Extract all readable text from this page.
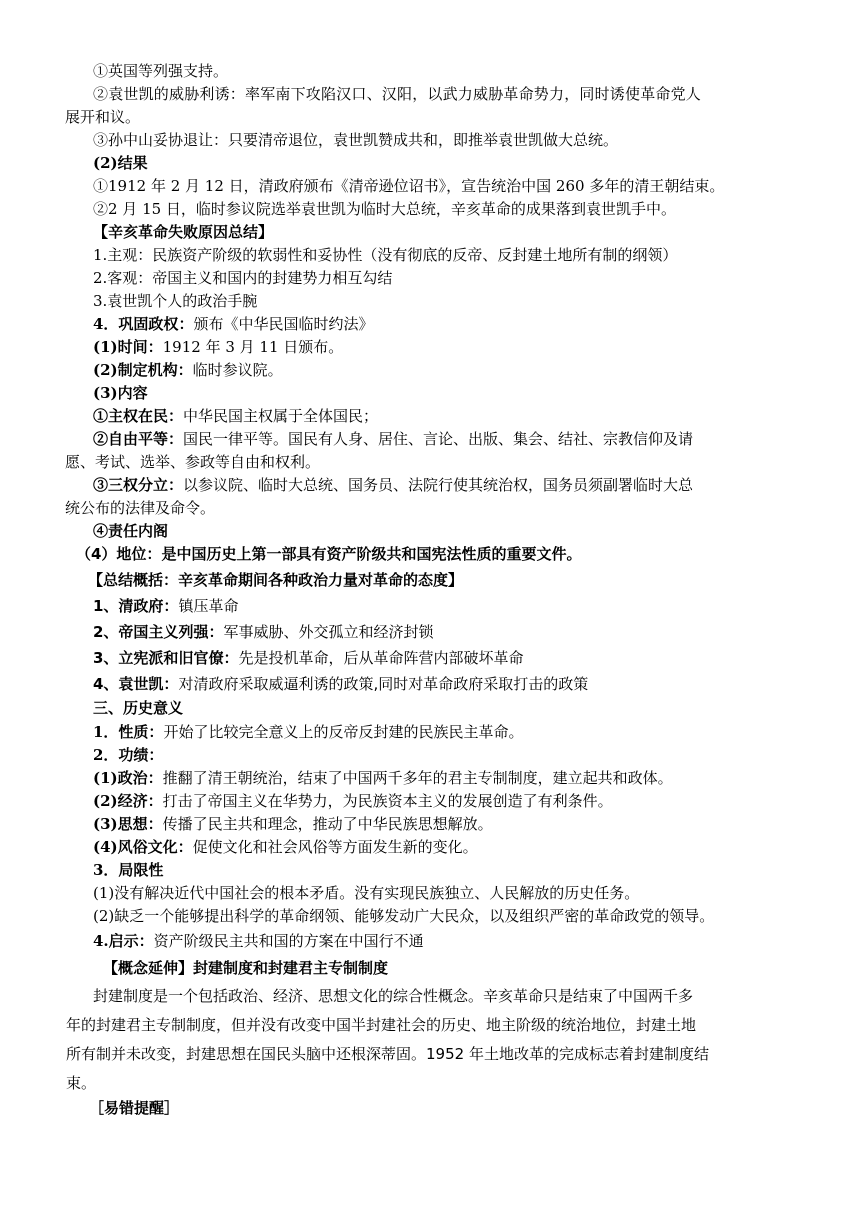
①英国等列强支持。
②袁世凯的威胁利诱：率军南下攻陷汉口、汉阳，以武力威胁革命势力，同时诱使革命党人
展开和议。
③孙中山妥协退让：只要清帝退位，袁世凯赞成共和，即推举袁世凯做大总统。
(2)结果
①1912 年 2 月 12 日，清政府颁布《清帝逊位诏书》，宣告统治中国 260 多年的清王朝结束。
②2 月 15 日，临时参议院选举袁世凯为临时大总统，辛亥革命的成果落到袁世凯手中。
【辛亥革命失败原因总结】
1.主观：民族资产阶级的软弱性和妥协性（没有彻底的反帝、反封建土地所有制的纲领）
2.客观：帝国主义和国内的封建势力相互勾结
3.袁世凯个人的政治手腕
4．巩固政权：颁布《中华民国临时约法》
(1)时间：1912 年 3 月 11 日颁布。
(2)制定机构：临时参议院。
(3)内容
①主权在民：中华民国主权属于全体国民；
②自由平等：国民一律平等。国民有人身、居住、言论、出版、集会、结社、宗教信仰及请
愿、考试、选举、参政等自由和权利。
③三权分立：以参议院、临时大总统、国务员、法院行使其统治权，国务员须副署临时大总
统公布的法律及命令。
④责任内阁
（4）地位：是中国历史上第一部具有资产阶级共和国宪法性质的重要文件。
【总结概括：辛亥革命期间各种政治力量对革命的态度】
1、清政府：镇压革命
2、帝国主义列强：军事威胁、外交孤立和经济封锁
3、立宪派和旧官僚：先是投机革命，后从革命阵营内部破坏革命
4、袁世凯：对清政府采取威逼利诱的政策,同时对革命政府采取打击的政策
三、历史意义
1．性质：开始了比较完全意义上的反帝反封建的民族民主革命。
2．功绩：
(1)政治：推翻了清王朝统治，结束了中国两千多年的君主专制制度，建立起共和政体。
(2)经济：打击了帝国主义在华势力，为民族资本主义的发展创造了有利条件。
(3)思想：传播了民主共和理念，推动了中华民族思想解放。
(4)风俗文化：促使文化和社会风俗等方面发生新的变化。
3．局限性
(1)没有解决近代中国社会的根本矛盾。没有实现民族独立、人民解放的历史任务。
(2)缺乏一个能够提出科学的革命纲领、能够发动广大民众，以及组织严密的革命政党的领导。
4.启示：资产阶级民主共和国的方案在中国行不通
【概念延伸】封建制度和封建君主专制制度
封建制度是一个包括政治、经济、思想文化的综合性概念。辛亥革命只是结束了中国两千多
年的封建君主专制制度，但并没有改变中国半封建社会的历史、地主阶级的统治地位，封建土地
所有制并未改变，封建思想在国民头脑中还根深蒂固。1952 年土地改革的完成标志着封建制度结
束。
［易错提醒］
